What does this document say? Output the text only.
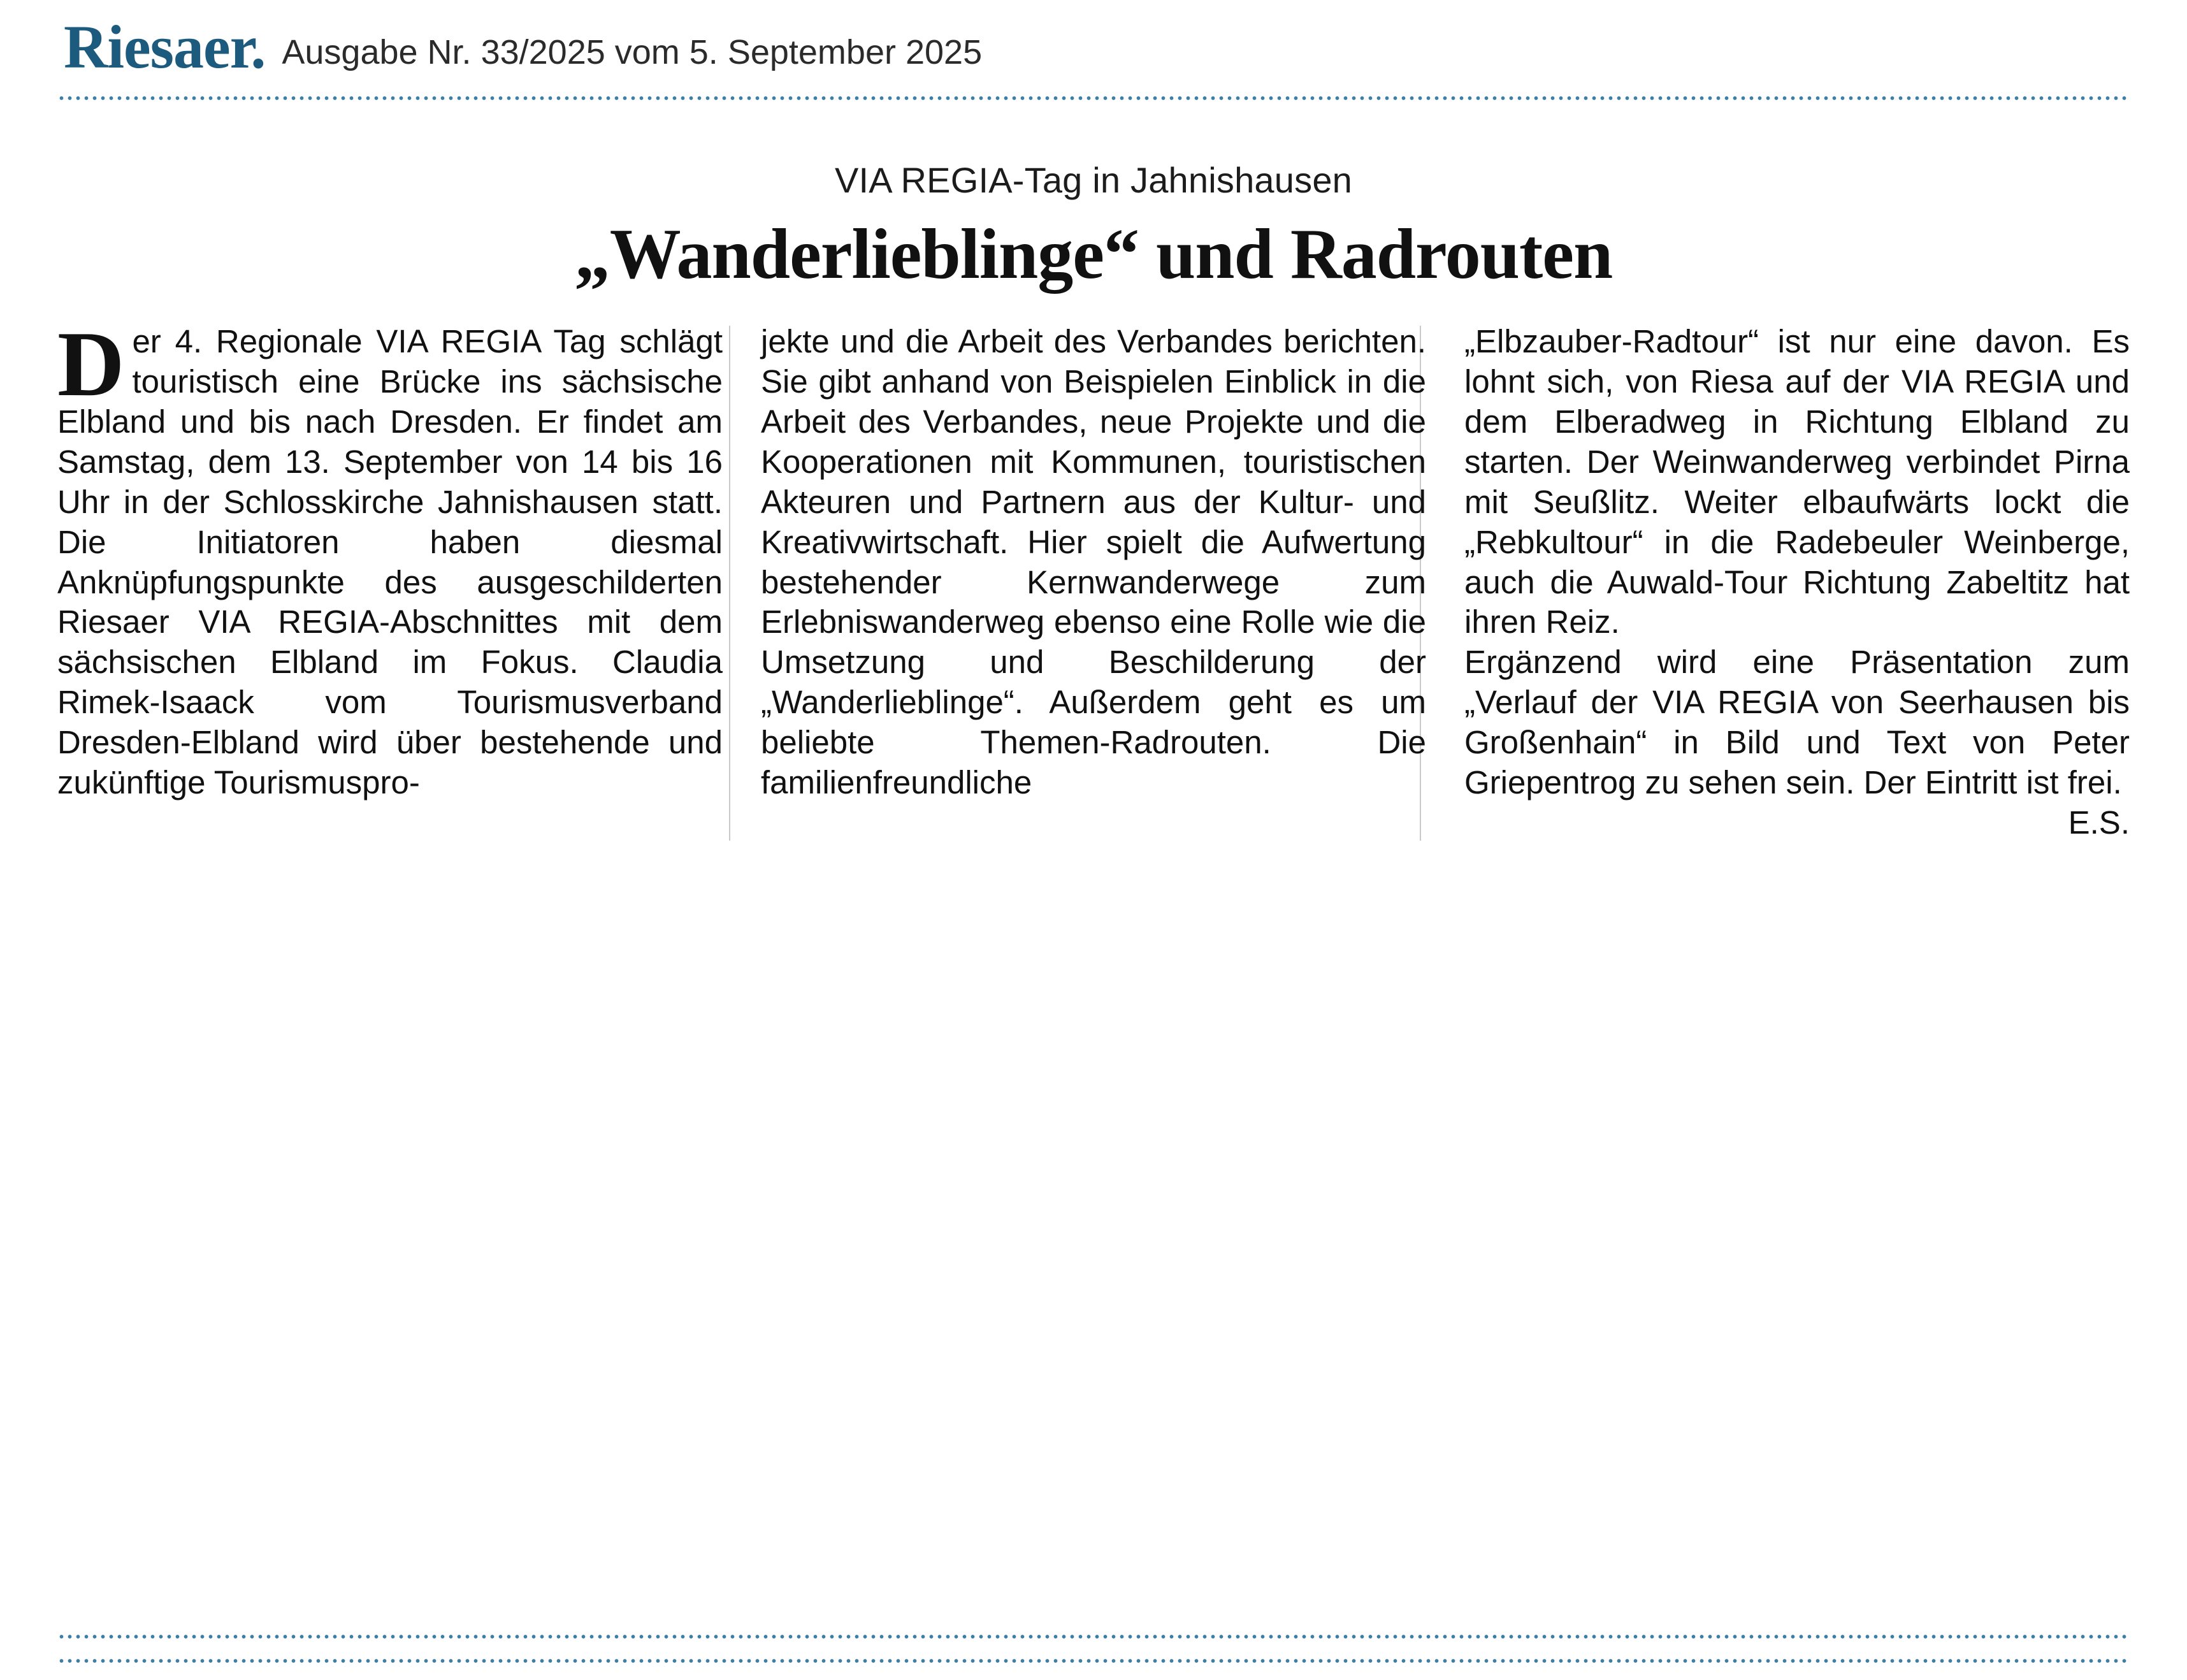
Riesaer. Ausgabe Nr. 33/2025 vom 5. September 2025
VIA REGIA-Tag in Jahnishausen
„Wanderlieblinge“ und Radrouten

Der 4. Regionale VIA REGIA Tag schlägt touristisch eine Brücke ins sächsische Elbland und bis nach Dresden. Er findet am Samstag, dem 13. September von 14 bis 16 Uhr in der Schlosskirche Jahnishausen statt. Die Initiatoren haben diesmal Anknüpfungspunkte des ausgeschilderten Riesaer VIA REGIA-Abschnittes mit dem sächsischen Elbland im Fokus. Claudia Rimek-Isaack vom Tourismusverband Dresden-Elbland wird über bestehende und zukünftige Tourismuspro-

jekte und die Arbeit des Verbandes berichten. Sie gibt anhand von Beispielen Einblick in die Arbeit des Verbandes, neue Projekte und die Kooperationen mit Kommunen, touristischen Akteuren und Partnern aus der Kultur- und Kreativwirtschaft. Hier spielt die Aufwertung bestehender Kernwanderwege zum Erlebniswanderweg ebenso eine Rolle wie die Umsetzung und Beschilderung der „Wanderlieblinge“. Außerdem geht es um beliebte Themen-Radrouten. Die familienfreundliche

„Elbzauber-Radtour“ ist nur eine davon. Es lohnt sich, von Riesa auf der VIA REGIA und dem Elberadweg in Richtung Elbland zu starten. Der Weinwanderweg verbindet Pirna mit Seußlitz. Weiter elbaufwärts lockt die „Rebkultour“ in die Radebeuler Weinberge, auch die Auwald-Tour Richtung Zabeltitz hat ihren Reiz.
Ergänzend wird eine Präsentation zum „Verlauf der VIA REGIA von Seerhausen bis Großenhain“ in Bild und Text von Peter Griepentrog zu sehen sein. Der Eintritt ist frei.

E.S.
